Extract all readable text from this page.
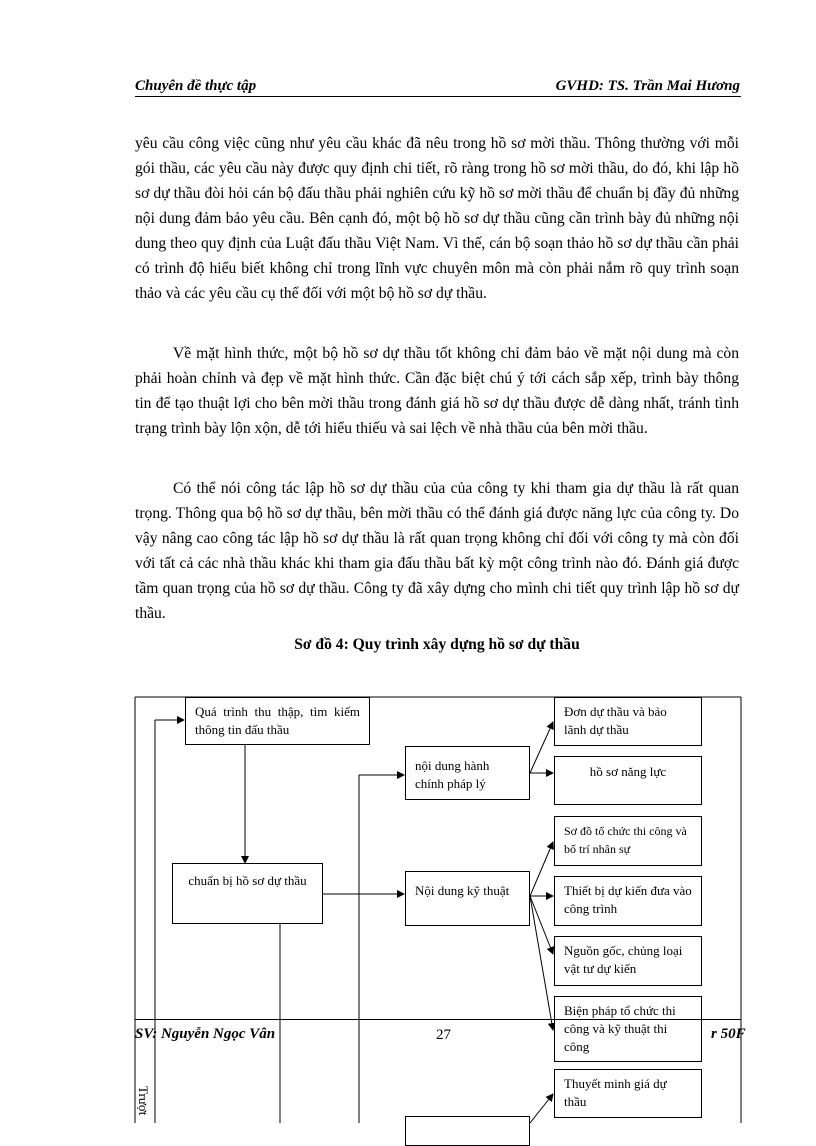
Chuyên đề thực tập	GVHD: TS. Trần Mai Hương

yêu cầu công việc cũng như yêu cầu khác đã nêu trong hồ sơ mời thầu. Thông thường với mỗi gói thầu, các yêu cầu này được quy định chi tiết, rõ ràng trong hồ sơ mời thầu, do đó, khi lập hồ sơ dự thầu đòi hỏi cán bộ đấu thầu phải nghiên cứu kỹ hồ sơ mời thầu để chuẩn bị đầy đủ những nội dung đảm bảo yêu cầu. Bên cạnh đó, một bộ hồ sơ dự thầu cũng cần trình bày đủ những nội dung theo quy định của Luật đấu thầu Việt Nam. Vì thế, cán bộ soạn thảo hồ sơ dự thầu cần phải có trình độ hiểu biết không chỉ trong lĩnh vực chuyên môn mà còn phải nắm rõ quy trình soạn thảo và các yêu cầu cụ thể đối với một bộ hồ sơ dự thầu.

Về mặt hình thức, một bộ hồ sơ dự thầu tốt không chỉ đảm bảo về mặt nội dung mà còn phải hoàn chỉnh và đẹp về mặt hình thức. Cần đặc biệt chú ý tới cách sắp xếp, trình bày thông tin để tạo thuật lợi cho bên mời thầu trong đánh giá hồ sơ dự thầu được dễ dàng nhất, tránh tình trạng trình bày lộn xộn, dễ tới hiểu thiếu và sai lệch về nhà thầu của bên mời thầu.

Có thể nói công tác lập hồ sơ dự thầu của của công ty khi tham gia dự thầu là rất quan trọng. Thông qua bộ hồ sơ dự thầu, bên mời thầu có thể đánh giá được năng lực của công ty. Do vậy nâng cao công tác lập hồ sơ dự thầu là rất quan trọng không chỉ đối với công ty mà còn đối với tất cả các nhà thầu khác khi tham gia đấu thầu bất kỳ một công trình nào đó. Đánh giá được tầm quan trọng của hồ sơ dự thầu. Công ty đã xây dựng cho mình chi tiết quy trình lập hồ sơ dự thầu.

Sơ đồ 4: Quy trình xây dựng hồ sơ dự thầu

Quá trình thu thập, tìm kiếm thông tin đấu thầu
chuẩn bị hồ sơ dự thầu
nội dung hành chính pháp lý
Nội dung kỹ thuật
Đơn dự thầu và bảo lãnh dự thầu
hồ sơ năng lực
Sơ đồ tổ chức thi công và bố trí nhân sự
Thiết bị dự kiến đưa vào công trình
Nguồn gốc, chủng loại vật tư dự kiến
Biện pháp tổ chức thi công và kỹ thuật thi công
Thuyết minh giá dự thầu
Trượt
SV: Nguyễn Ngọc Vân	27	r 50F
